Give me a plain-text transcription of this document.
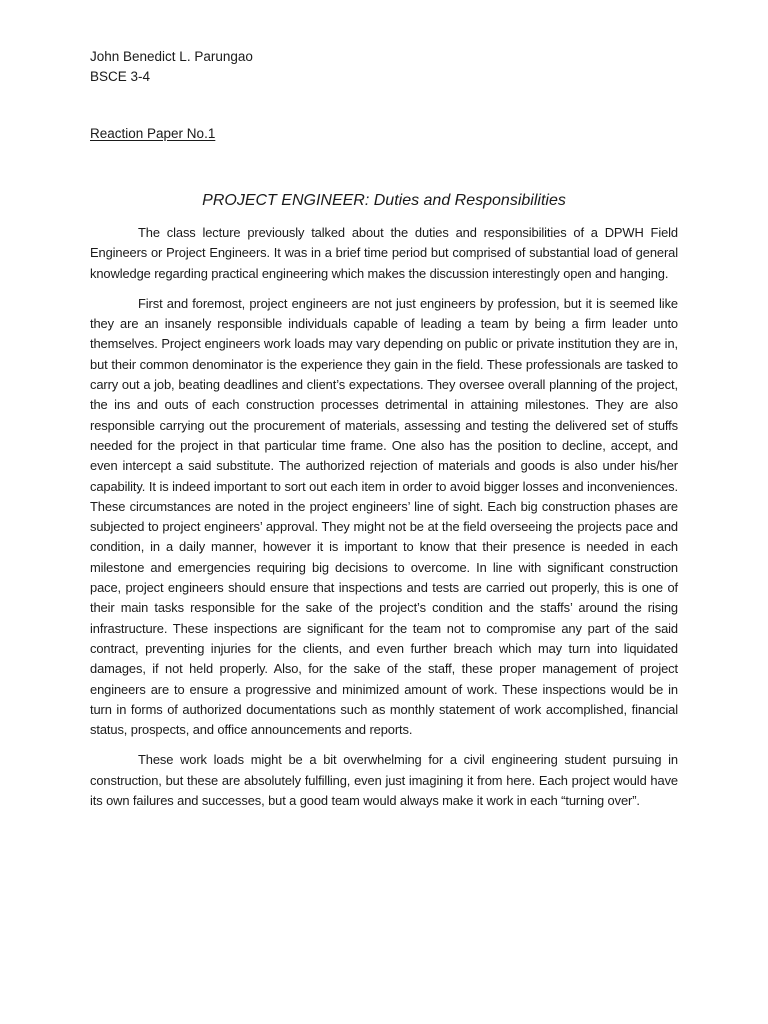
John Benedict L. Parungao
BSCE 3-4
Reaction Paper No.1
PROJECT ENGINEER: Duties and Responsibilities

The class lecture previously talked about the duties and responsibilities of a DPWH Field Engineers or Project Engineers. It was in a brief time period but comprised of substantial load of general knowledge regarding practical engineering which makes the discussion interestingly open and hanging.

First and foremost, project engineers are not just engineers by profession, but it is seemed like they are an insanely responsible individuals capable of leading a team by being a firm leader unto themselves. Project engineers work loads may vary depending on public or private institution they are in, but their common denominator is the experience they gain in the field. These professionals are tasked to carry out a job, beating deadlines and client’s expectations. They oversee overall planning of the project, the ins and outs of each construction processes detrimental in attaining milestones. They are also responsible carrying out the procurement of materials, assessing and testing the delivered set of stuffs needed for the project in that particular time frame. One also has the position to decline, accept, and even intercept a said substitute. The authorized rejection of materials and goods is also under his/her capability. It is indeed important to sort out each item in order to avoid bigger losses and inconveniences. These circumstances are noted in the project engineers’ line of sight. Each big construction phases are subjected to project engineers’ approval. They might not be at the field overseeing the projects pace and condition, in a daily manner, however it is important to know that their presence is needed in each milestone and emergencies requiring big decisions to overcome. In line with significant construction pace, project engineers should ensure that inspections and tests are carried out properly, this is one of their main tasks responsible for the sake of the project’s condition and the staffs’ around the rising infrastructure. These inspections are significant for the team not to compromise any part of the said contract, preventing injuries for the clients, and even further breach which may turn into liquidated damages, if not held properly. Also, for the sake of the staff, these proper management of project engineers are to ensure a progressive and minimized amount of work. These inspections would be in turn in forms of authorized documentations such as monthly statement of work accomplished, financial status, prospects, and office announcements and reports.

These work loads might be a bit overwhelming for a civil engineering student pursuing in construction, but these are absolutely fulfilling, even just imagining it from here. Each project would have its own failures and successes, but a good team would always make it work in each “turning over”.
